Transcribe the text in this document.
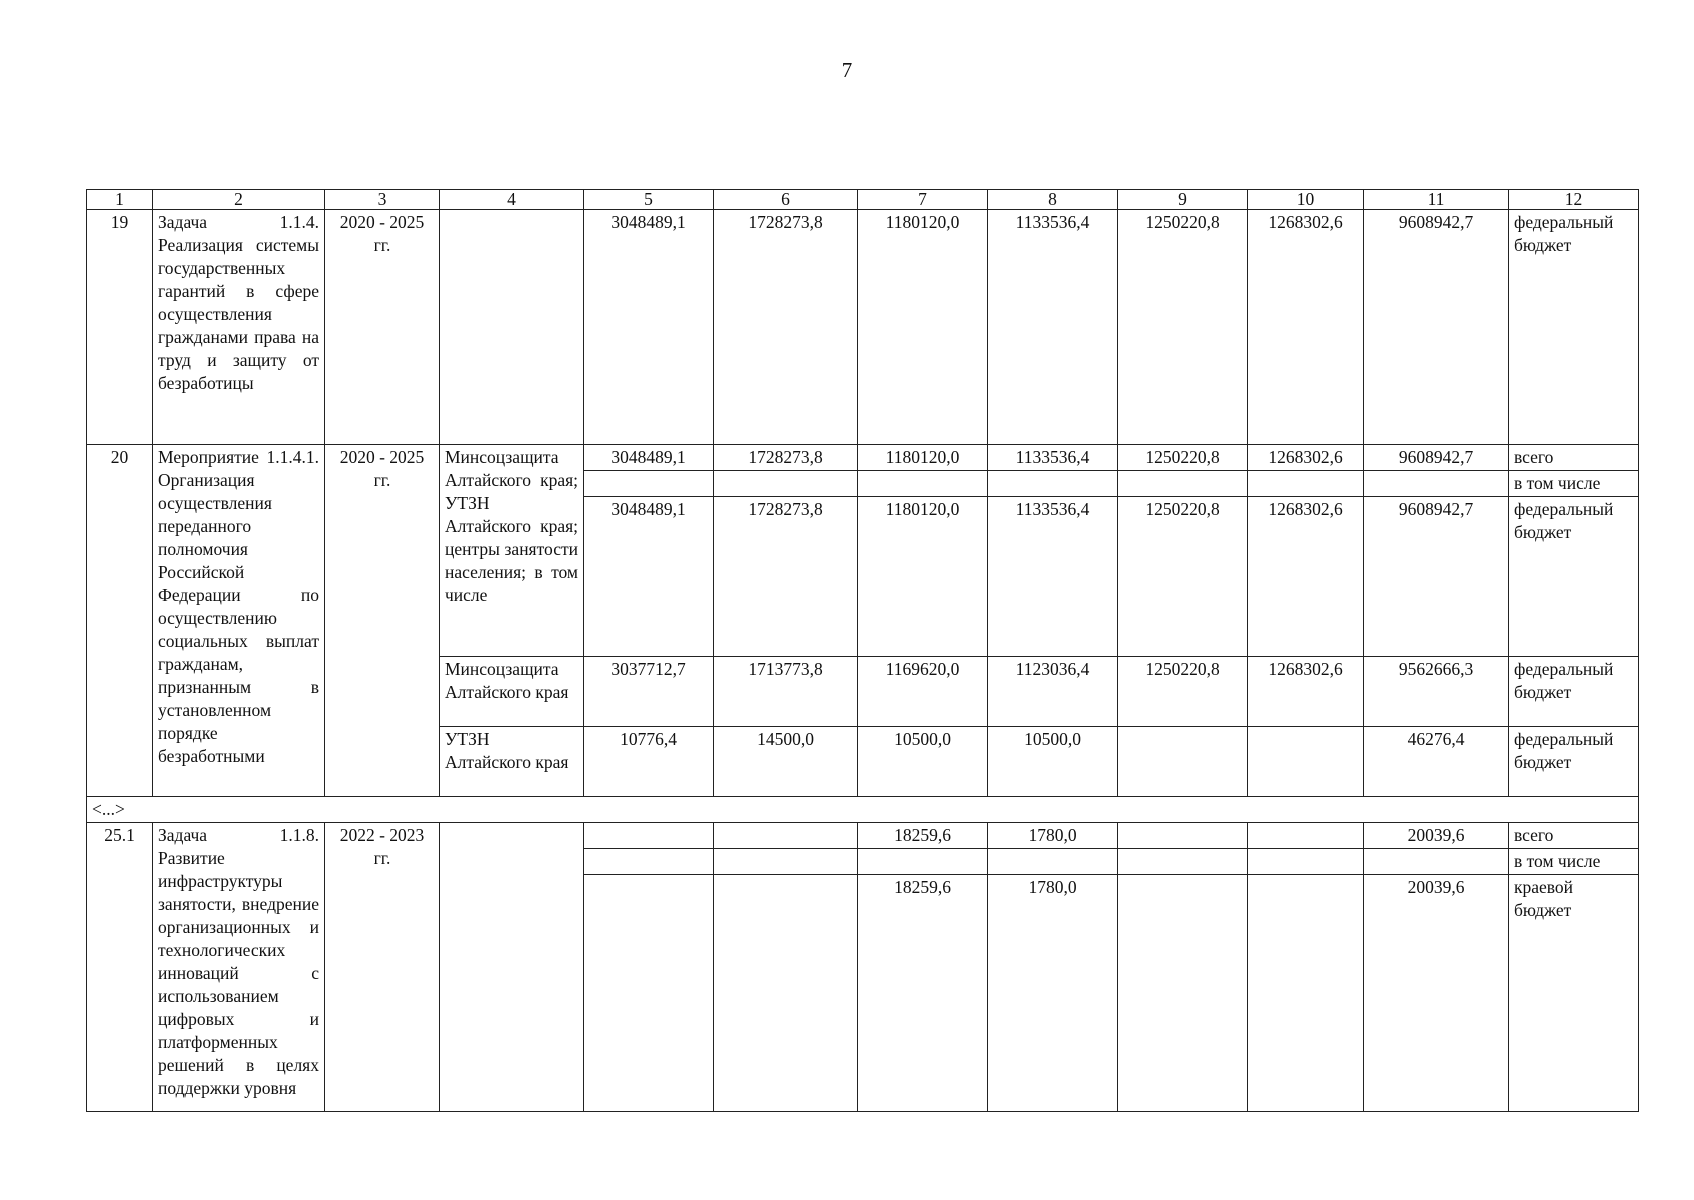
7
1	2	3	4	5	6	7	8	9	10	11	12
19	Задача 1.1.4. Реализация системы государственных гарантий в сфере осуществления гражданами права на труд и защиту от безработицы	2020 - 2025 гг.		3048489,1	1728273,8	1180120,0	1133536,4	1250220,8	1268302,6	9608942,7	федеральный бюджет
20	Мероприятие 1.1.4.1. Организация осуществления переданного полномочия Российской Федерации по осуществлению социальных выплат гражданам, признанным в установленном порядке безработными	2020 - 2025 гг.	Минсоцзащита Алтайского края; УТЗН Алтайского края; центры занятости населения; в том числе	3048489,1	1728273,8	1180120,0	1133536,4	1250220,8	1268302,6	9608942,7	всего
											в том числе
				3048489,1	1728273,8	1180120,0	1133536,4	1250220,8	1268302,6	9608942,7	федеральный бюджет
			Минсоцзащита Алтайского края	3037712,7	1713773,8	1169620,0	1123036,4	1250220,8	1268302,6	9562666,3	федеральный бюджет
			УТЗН Алтайского края	10776,4	14500,0	10500,0	10500,0			46276,4	федеральный бюджет
<...>											
25.1	Задача 1.1.8. Развитие инфраструктуры занятости, внедрение организационных и технологических инноваций с использованием цифровых и платформенных решений в целях поддержки уровня	2022 - 2023 гг.				18259,6	1780,0			20039,6	всего
											в том числе
						18259,6	1780,0			20039,6	краевой бюджет
